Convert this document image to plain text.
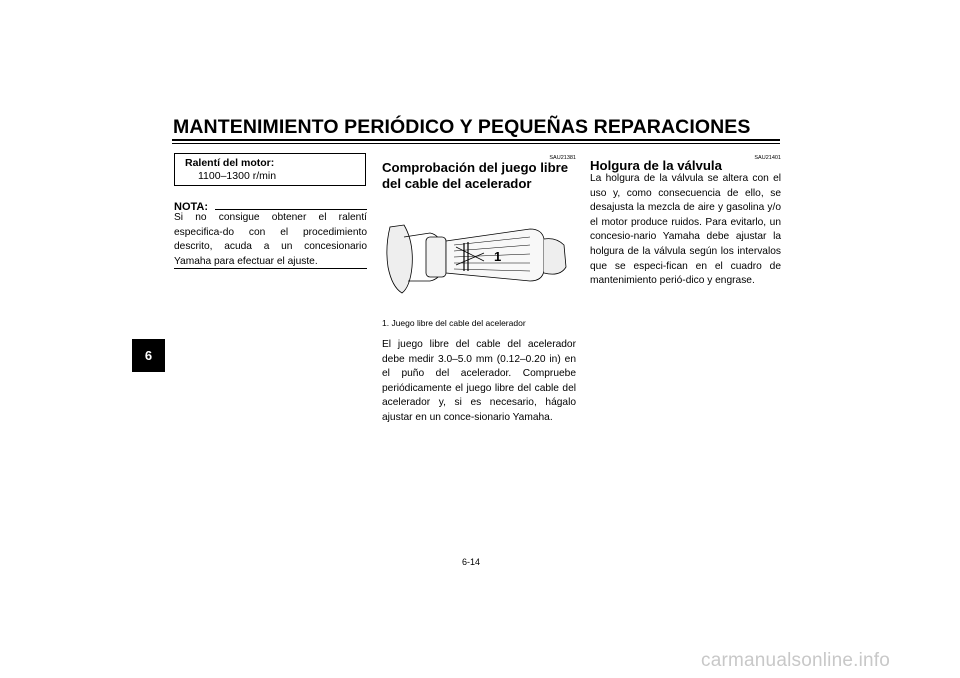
MANTENIMIENTO PERIÓDICO Y PEQUEÑAS REPARACIONES
6
Ralentí del motor:
1100–1300 r/min
NOTA:
Si no consigue obtener el ralentí especifica-do con el procedimiento descrito, acuda a un concesionario Yamaha para efectuar el ajuste.
SAU21381
Comprobación del juego libre del cable del acelerador
1
1. Juego libre del cable del acelerador
El juego libre del cable del acelerador debe medir 3.0–5.0 mm (0.12–0.20 in) en el puño del acelerador. Compruebe periódicamente el juego libre del cable del acelerador y, si es necesario, hágalo ajustar en un conce-sionario Yamaha.
SAU21401
Holgura de la válvula
La holgura de la válvula se altera con el uso y, como consecuencia de ello, se desajusta la mezcla de aire y gasolina y/o el motor produce ruidos. Para evitarlo, un concesio-nario Yamaha debe ajustar la holgura de la válvula según los intervalos que se especi-fican en el cuadro de mantenimiento perió-dico y engrase.
6-14
carmanualsonline.info
